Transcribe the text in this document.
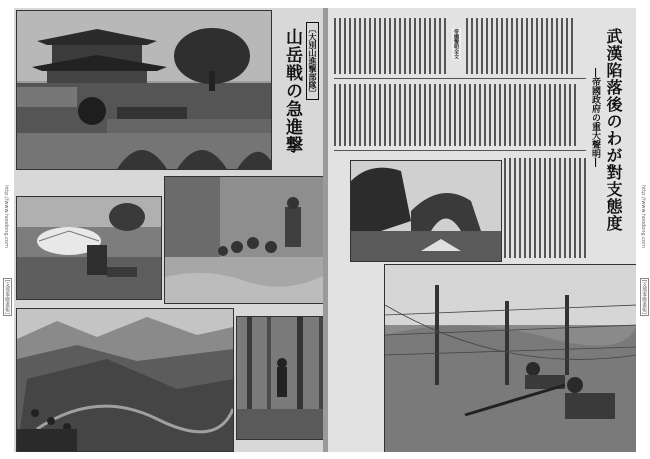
〔大別山進撃部隊〕
山岳戦の急進撃	武漢陷落後のわが對支態度
―帝國政府の重大聲明―
帝國聲明全文
http://www.hoodong.com
[支那事變畫報]
http://www.hoodong.com
[支那事變畫報]
